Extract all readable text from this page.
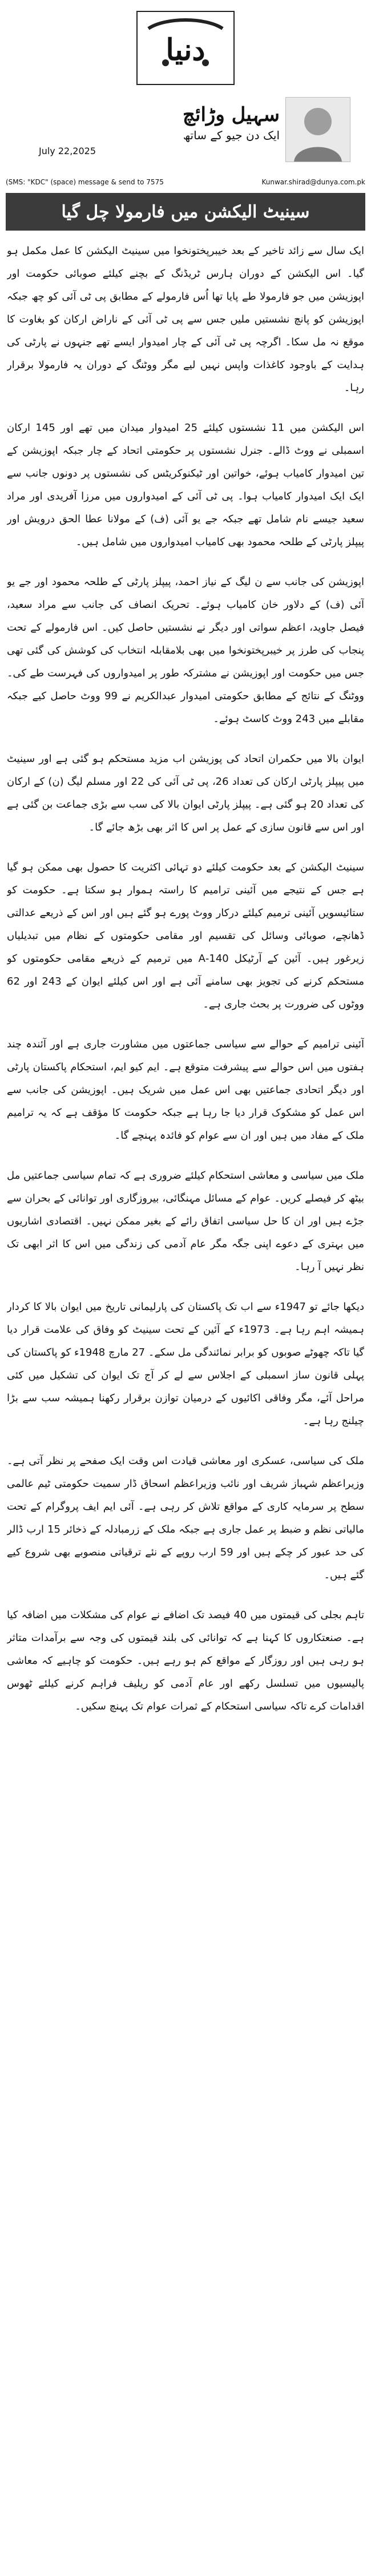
دنیا
سہیل وڑائچ
ایک دن جیو کے ساتھ
July 22,2025
(SMS: "KDC" (space) message & send to 7575	Kunwar.shirad@dunya.com.pk
سینیٹ الیکشن میں فارمولا چل گیا

ایک سال سے زائد تاخیر کے بعد خیبرپختونخوا میں سینیٹ الیکشن کا عمل مکمل ہو گیا۔ اس الیکشن کے دوران ہارس ٹریڈنگ کے بچنے کیلئے صوبائی حکومت اور اپوزیشن میں جو فارمولا طے پایا تھا اُس فارمولے کے مطابق پی ٹی آئی کو چھ جبکہ اپوزیشن کو پانچ نشستیں ملیں جس سے پی ٹی آئی کے ناراض ارکان کو بغاوت کا موقع نہ مل سکا۔ اگرچہ پی ٹی آئی کے چار امیدوار ایسے تھے جنہوں نے پارٹی کی ہدایت کے باوجود کاغذات واپس نہیں لیے مگر ووٹنگ کے دوران یہ فارمولا برقرار رہا۔

اس الیکشن میں 11 نشستوں کیلئے 25 امیدوار میدان میں تھے اور 145 ارکان اسمبلی نے ووٹ ڈالے۔ جنرل نشستوں پر حکومتی اتحاد کے چار جبکہ اپوزیشن کے تین امیدوار کامیاب ہوئے، خواتین اور ٹیکنوکریٹس کی نشستوں پر دونوں جانب سے ایک ایک امیدوار کامیاب ہوا۔ پی ٹی آئی کے امیدواروں میں مرزا آفریدی اور مراد سعید جیسے نام شامل تھے جبکہ جے یو آئی (ف) کے مولانا عطا الحق درویش اور پیپلز پارٹی کے طلحہ محمود بھی کامیاب امیدواروں میں شامل ہیں۔

اپوزیشن کی جانب سے ن لیگ کے نیاز احمد، پیپلز پارٹی کے طلحہ محمود اور جے یو آئی (ف) کے دلاور خان کامیاب ہوئے۔ تحریک انصاف کی جانب سے مراد سعید، فیصل جاوید، اعظم سواتی اور دیگر نے نشستیں حاصل کیں۔ اس فارمولے کے تحت پنجاب کی طرز پر خیبرپختونخوا میں بھی بلامقابلہ انتخاب کی کوشش کی گئی تھی جس میں حکومت اور اپوزیشن نے مشترکہ طور پر امیدواروں کی فہرست طے کی۔ ووٹنگ کے نتائج کے مطابق حکومتی امیدوار عبدالکریم نے 99 ووٹ حاصل کیے جبکہ مقابلے میں 243 ووٹ کاسٹ ہوئے۔

ایوان بالا میں حکمران اتحاد کی پوزیشن اب مزید مستحکم ہو گئی ہے اور سینیٹ میں پیپلز پارٹی ارکان کی تعداد 26، پی ٹی آئی کی 22 اور مسلم لیگ (ن) کے ارکان کی تعداد 20 ہو گئی ہے۔ پیپلز پارٹی ایوان بالا کی سب سے بڑی جماعت بن گئی ہے اور اس سے قانون سازی کے عمل پر اس کا اثر بھی بڑھ جائے گا۔

سینیٹ الیکشن کے بعد حکومت کیلئے دو تہائی اکثریت کا حصول بھی ممکن ہو گیا ہے جس کے نتیجے میں آئینی ترامیم کا راستہ ہموار ہو سکتا ہے۔ حکومت کو ستائیسویں آئینی ترمیم کیلئے درکار ووٹ پورے ہو گئے ہیں اور اس کے ذریعے عدالتی ڈھانچے، صوبائی وسائل کی تقسیم اور مقامی حکومتوں کے نظام میں تبدیلیاں زیرغور ہیں۔ آئین کے آرٹیکل 140-A میں ترمیم کے ذریعے مقامی حکومتوں کو مستحکم کرنے کی تجویز بھی سامنے آئی ہے اور اس کیلئے ایوان کے 243 اور 62 ووٹوں کی ضرورت پر بحث جاری ہے۔

آئینی ترامیم کے حوالے سے سیاسی جماعتوں میں مشاورت جاری ہے اور آئندہ چند ہفتوں میں اس حوالے سے پیشرفت متوقع ہے۔ ایم کیو ایم، استحکام پاکستان پارٹی اور دیگر اتحادی جماعتیں بھی اس عمل میں شریک ہیں۔ اپوزیشن کی جانب سے اس عمل کو مشکوک قرار دیا جا رہا ہے جبکہ حکومت کا مؤقف ہے کہ یہ ترامیم ملک کے مفاد میں ہیں اور ان سے عوام کو فائدہ پہنچے گا۔

ملک میں سیاسی و معاشی استحکام کیلئے ضروری ہے کہ تمام سیاسی جماعتیں مل بیٹھ کر فیصلے کریں۔ عوام کے مسائل مہنگائی، بیروزگاری اور توانائی کے بحران سے جڑے ہیں اور ان کا حل سیاسی اتفاق رائے کے بغیر ممکن نہیں۔ اقتصادی اشاریوں میں بہتری کے دعوے اپنی جگہ مگر عام آدمی کی زندگی میں اس کا اثر ابھی تک نظر نہیں آ رہا۔

دیکھا جائے تو 1947ء سے اب تک پاکستان کی پارلیمانی تاریخ میں ایوان بالا کا کردار ہمیشہ اہم رہا ہے۔ 1973ء کے آئین کے تحت سینیٹ کو وفاق کی علامت قرار دیا گیا تاکہ چھوٹے صوبوں کو برابر نمائندگی مل سکے۔ 27 مارچ 1948ء کو پاکستان کی پہلی قانون ساز اسمبلی کے اجلاس سے لے کر آج تک ایوان کی تشکیل میں کئی مراحل آئے، مگر وفاقی اکائیوں کے درمیان توازن برقرار رکھنا ہمیشہ سب سے بڑا چیلنج رہا ہے۔

ملک کی سیاسی، عسکری اور معاشی قیادت اس وقت ایک صفحے پر نظر آتی ہے۔ وزیراعظم شہباز شریف اور نائب وزیراعظم اسحاق ڈار سمیت حکومتی ٹیم عالمی سطح پر سرمایہ کاری کے مواقع تلاش کر رہی ہے۔ آئی ایم ایف پروگرام کے تحت مالیاتی نظم و ضبط پر عمل جاری ہے جبکہ ملک کے زرمبادلہ کے ذخائر 15 ارب ڈالر کی حد عبور کر چکے ہیں اور 59 ارب روپے کے نئے ترقیاتی منصوبے بھی شروع کیے گئے ہیں۔

تاہم بجلی کی قیمتوں میں 40 فیصد تک اضافے نے عوام کی مشکلات میں اضافہ کیا ہے۔ صنعتکاروں کا کہنا ہے کہ توانائی کی بلند قیمتوں کی وجہ سے برآمدات متاثر ہو رہی ہیں اور روزگار کے مواقع کم ہو رہے ہیں۔ حکومت کو چاہیے کہ معاشی پالیسیوں میں تسلسل رکھے اور عام آدمی کو ریلیف فراہم کرنے کیلئے ٹھوس اقدامات کرے تاکہ سیاسی استحکام کے ثمرات عوام تک پہنچ سکیں۔
